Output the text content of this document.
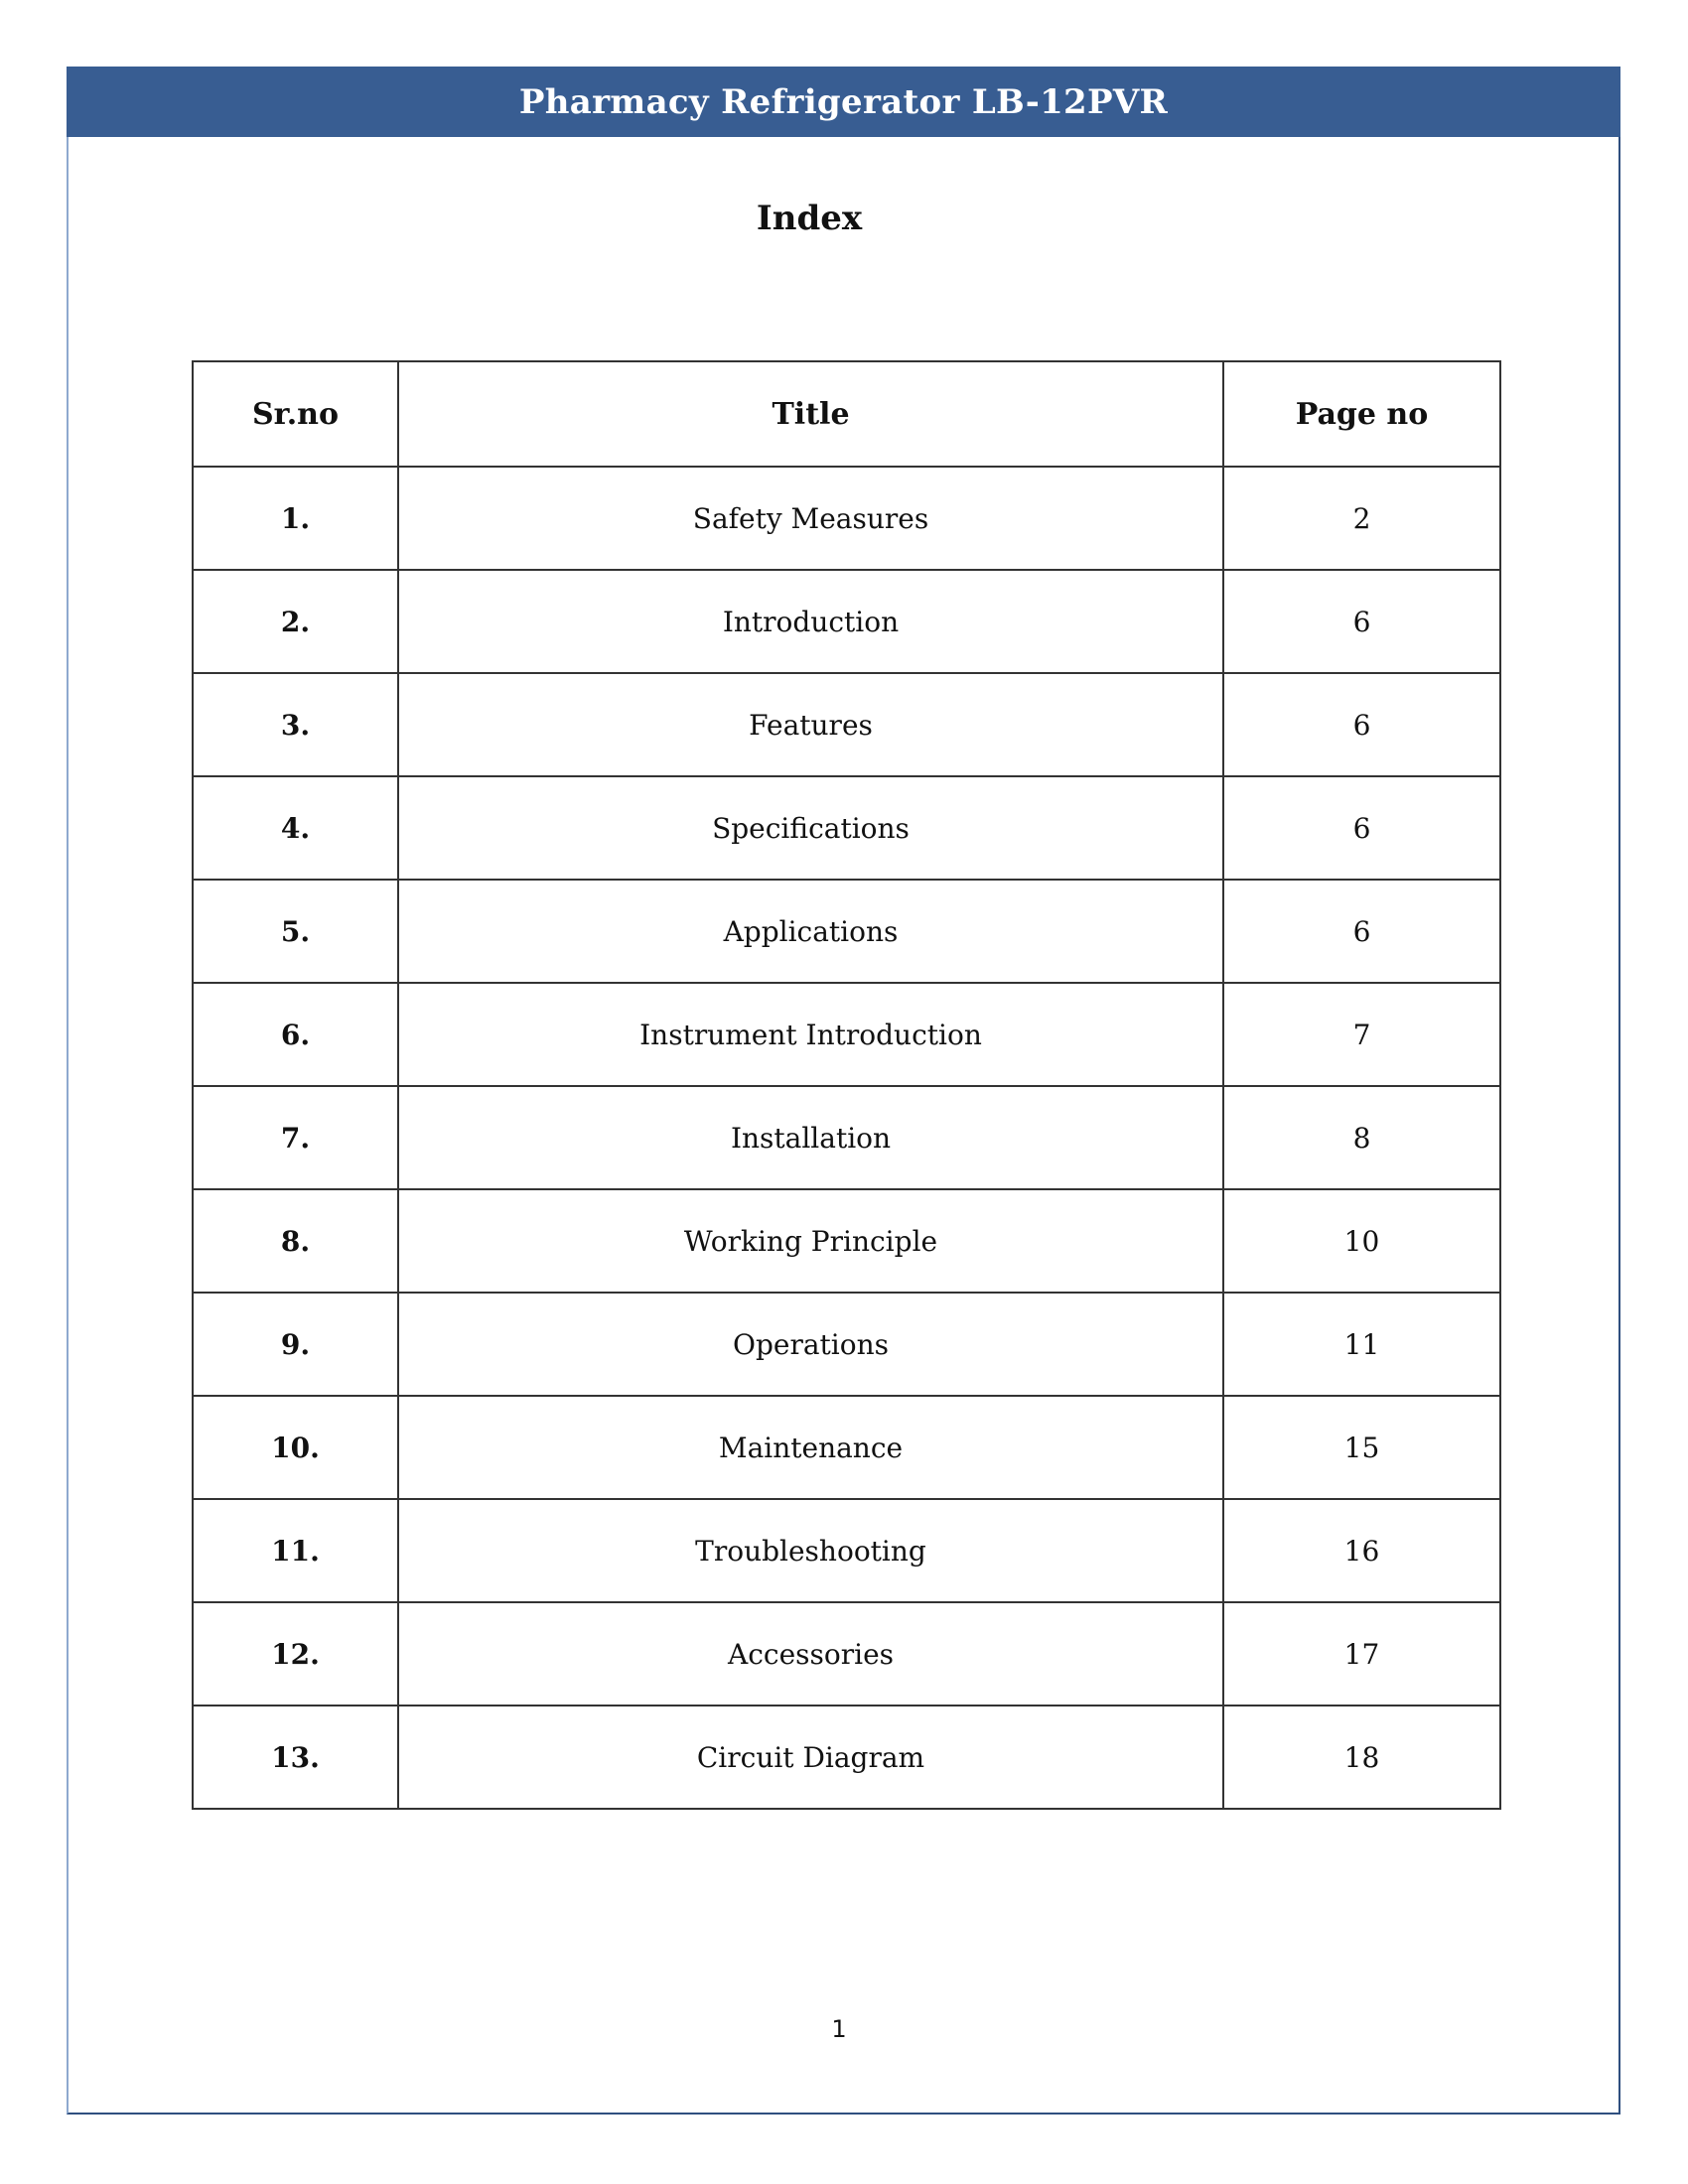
Pharmacy Refrigerator LB-12PVR
Index
Sr.no	Title	Page no
1.	Safety Measures	2
2.	Introduction	6
3.	Features	6
4.	Specifications	6
5.	Applications	6
6.	Instrument Introduction	7
7.	Installation	8
8.	Working Principle	10
9.	Operations	11
10.	Maintenance	15
11.	Troubleshooting	16
12.	Accessories	17
13.	Circuit Diagram	18
1
